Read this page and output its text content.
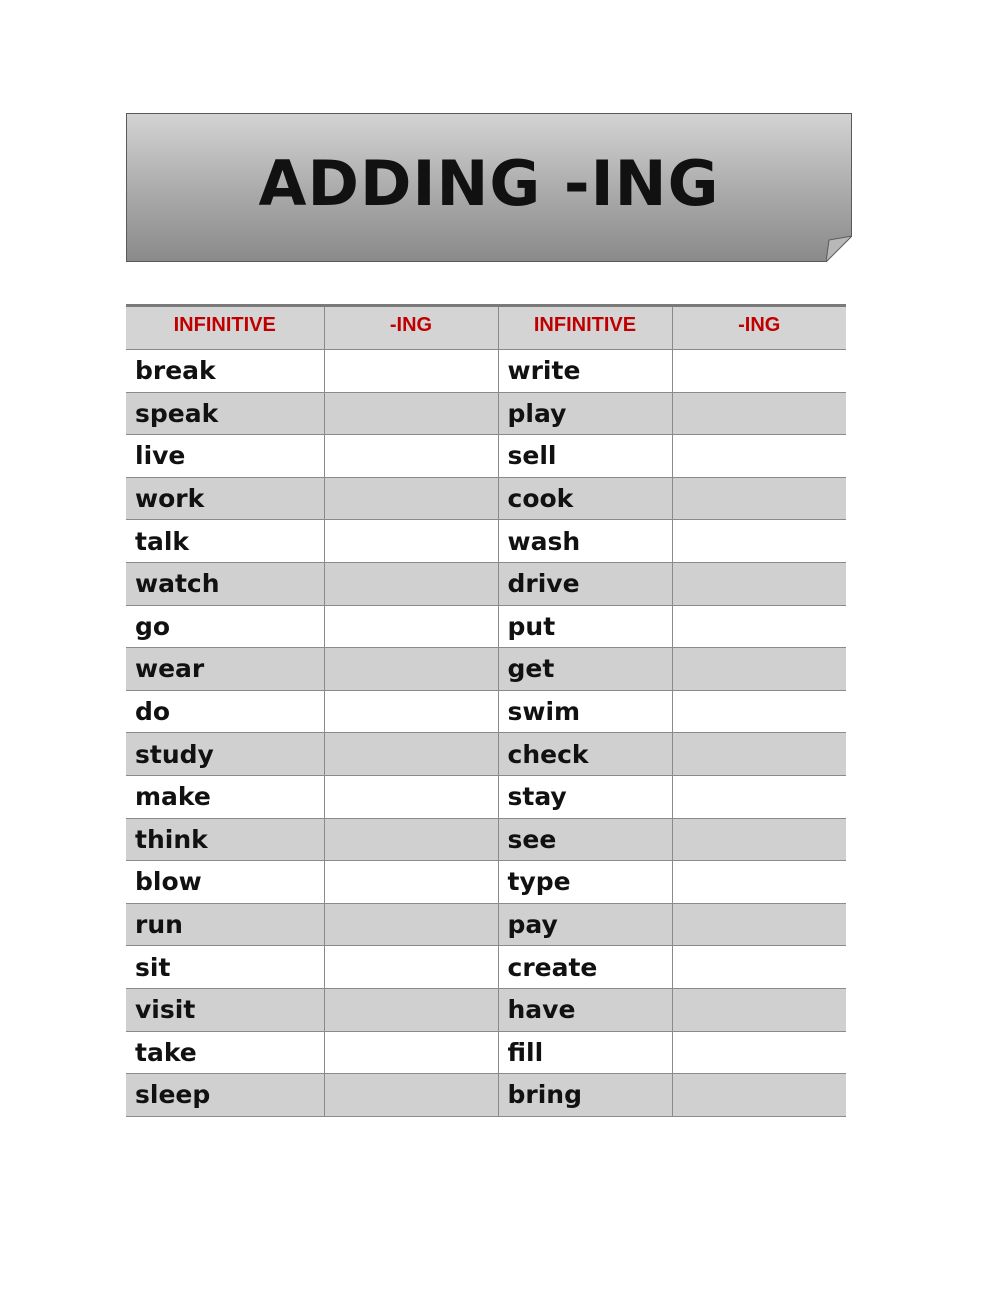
ADDING -ING
INFINITIVE	-ING	INFINITIVE	-ING
break		write	
speak		play	
live		sell	
work		cook	
talk		wash	
watch		drive	
go		put	
wear		get	
do		swim	
study		check	
make		stay	
think		see	
blow		type	
run		pay	
sit		create	
visit		have	
take		fill	
sleep		bring	
